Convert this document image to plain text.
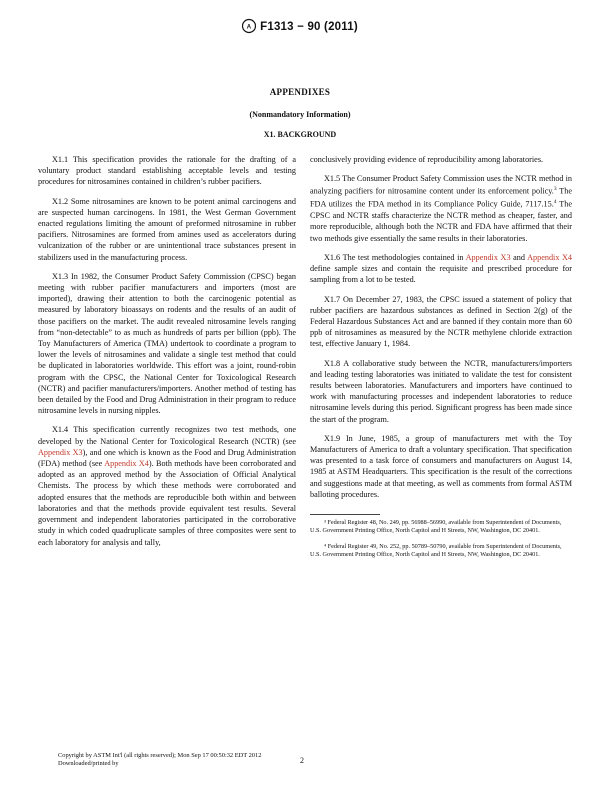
A F1313 − 90 (2011)
APPENDIXES
(Nonmandatory Information)
X1. BACKGROUND

X1.1 This specification provides the rationale for the drafting of a voluntary product standard establishing acceptable levels and testing procedures for nitrosamines contained in children’s rubber pacifiers.

X1.2 Some nitrosamines are known to be potent animal carcinogens and are suspected human carcinogens. In 1981, the West German Government enacted regulations limiting the amount of preformed nitrosamine in rubber pacifiers. Nitrosamines are formed from amines used as accelerators during vulcanization of the rubber or are unintentional trace substances present in stabilizers used in the manufacturing process.

X1.3 In 1982, the Consumer Product Safety Commission (CPSC) began meeting with rubber pacifier manufacturers and importers (most are imported), drawing their attention to both the carcinogenic potential as measured by laboratory bioassays on rodents and the results of an audit of those pacifiers on the market. The audit revealed nitrosamine levels ranging from “non-detectable” to as much as hundreds of parts per billion (ppb). The Toy Manufacturers of America (TMA) undertook to coordinate a program to lower the levels of nitrosamines and validate a single test method that could be duplicated in laboratories worldwide. This effort was a joint, round-robin program with the CPSC, the National Center for Toxicological Research (NCTR) and pacifier manufacturers/importers. Another method of testing has been detailed by the Food and Drug Administration in their program to reduce nitrosamine levels in nursing nipples.

X1.4 This specification currently recognizes two test methods, one developed by the National Center for Toxicological Research (NCTR) (see Appendix X3), and one which is known as the Food and Drug Administration (FDA) method (see Appendix X4). Both methods have been corroborated and adopted as an approved method by the Association of Official Analytical Chemists. The process by which these methods were corroborated and adopted ensures that the methods are reproducible both within and between laboratories and that the methods provide equivalent test results. Several government and independent laboratories participated in the corroborative study in which coded quadruplicate samples of three composites were sent to each laboratory for analysis and tally,

conclusively providing evidence of reproducibility among laboratories.

X1.5 The Consumer Product Safety Commission uses the NCTR method in analyzing pacifiers for nitrosamine content under its enforcement policy.$^3$ The FDA utilizes the FDA method in its Compliance Policy Guide, 7117.15.$^4$ The CPSC and NCTR staffs characterize the NCTR method as cheaper, faster, and more reproducible, although both the NCTR and FDA have affirmed that their two methods give essentially the same results in their laboratories.

X1.6 The test methodologies contained in Appendix X3 and Appendix X4 define sample sizes and contain the requisite and prescribed procedure for sampling from a lot to be tested.

X1.7 On December 27, 1983, the CPSC issued a statement of policy that rubber pacifiers are hazardous substances as defined in Section 2(g) of the Federal Hazardous Substances Act and are banned if they contain more than 60 ppb of nitrosamines as measured by the NCTR methylene chloride extraction test, effective January 1, 1984.

X1.8 A collaborative study between the NCTR, manufacturers/importers and leading testing laboratories was initiated to validate the test for consistent results between laboratories. Manufacturers and importers have continued to work with manufacturing processes and independent laboratories to reduce nitrosamine levels during this period. Significant progress has been made since the start of the program.

X1.9 In June, 1985, a group of manufacturers met with the Toy Manufacturers of America to draft a voluntary specification. That specification was presented to a task force of consumers and manufacturers on August 14, 1985 at ASTM Headquarters. This specification is the result of the corrections and suggestions made at that meeting, as well as comments from formal ASTM balloting procedures.

³ Federal Register 48, No. 249, pp. 56988–56990, available from Superintendent of Documents, U.S. Government Printing Office, North Capitol and H Streets, NW, Washington, DC 20401.

⁴ Federal Register 49, No. 252, pp. 50789–50790, available from Superintendent of Documents, U.S. Government Printing Office, North Capitol and H Streets, NW, Washington, DC 20401.

Copyright by ASTM Int'l (all rights reserved); Mon Sep 17 00:50:32 EDT 2012
Downloaded/printed by	2
